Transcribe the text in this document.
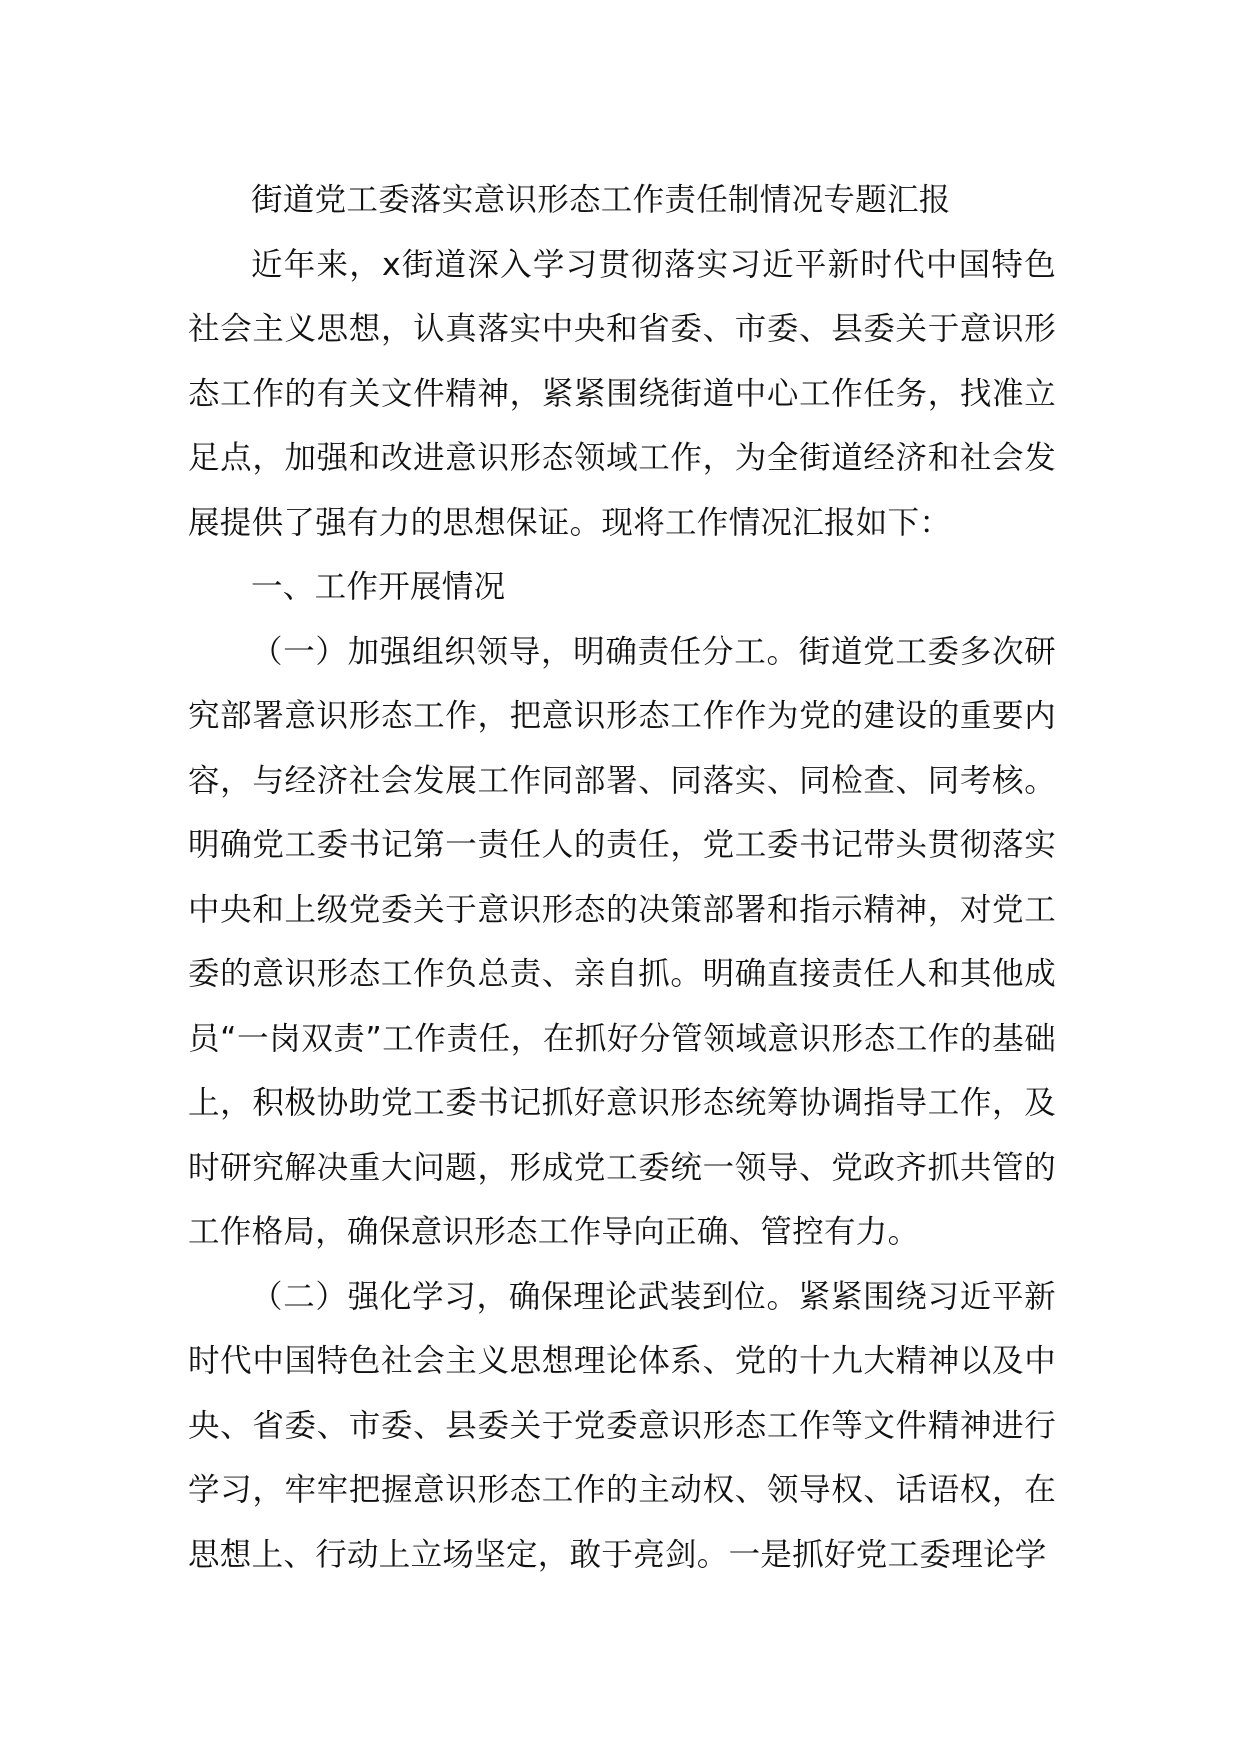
街道党工委落实意识形态工作责任制情况专题汇报

近年来，x街道深入学习贯彻落实习近平新时代中国特色社会主义思想，认真落实中央和省委、市委、县委关于意识形态工作的有关文件精神，紧紧围绕街道中心工作任务，找准立足点，加强和改进意识形态领域工作，为全街道经济和社会发展提供了强有力的思想保证。现将工作情况汇报如下：

一、工作开展情况

（一）加强组织领导，明确责任分工。街道党工委多次研究部署意识形态工作，把意识形态工作作为党的建设的重要内容，与经济社会发展工作同部署、同落实、同检查、同考核。明确党工委书记第一责任人的责任，党工委书记带头贯彻落实中央和上级党委关于意识形态的决策部署和指示精神，对党工委的意识形态工作负总责、亲自抓。明确直接责任人和其他成员“一岗双责”工作责任，在抓好分管领域意识形态工作的基础上，积极协助党工委书记抓好意识形态统筹协调指导工作，及时研究解决重大问题，形成党工委统一领导、党政齐抓共管的工作格局，确保意识形态工作导向正确、管控有力。

（二）强化学习，确保理论武装到位。紧紧围绕习近平新时代中国特色社会主义思想理论体系、党的十九大精神以及中央、省委、市委、县委关于党委意识形态工作等文件精神进行学习，牢牢把握意识形态工作的主动权、领导权、话语权，在思想上、行动上立场坚定，敢于亮剑。一是抓好党工委理论学
